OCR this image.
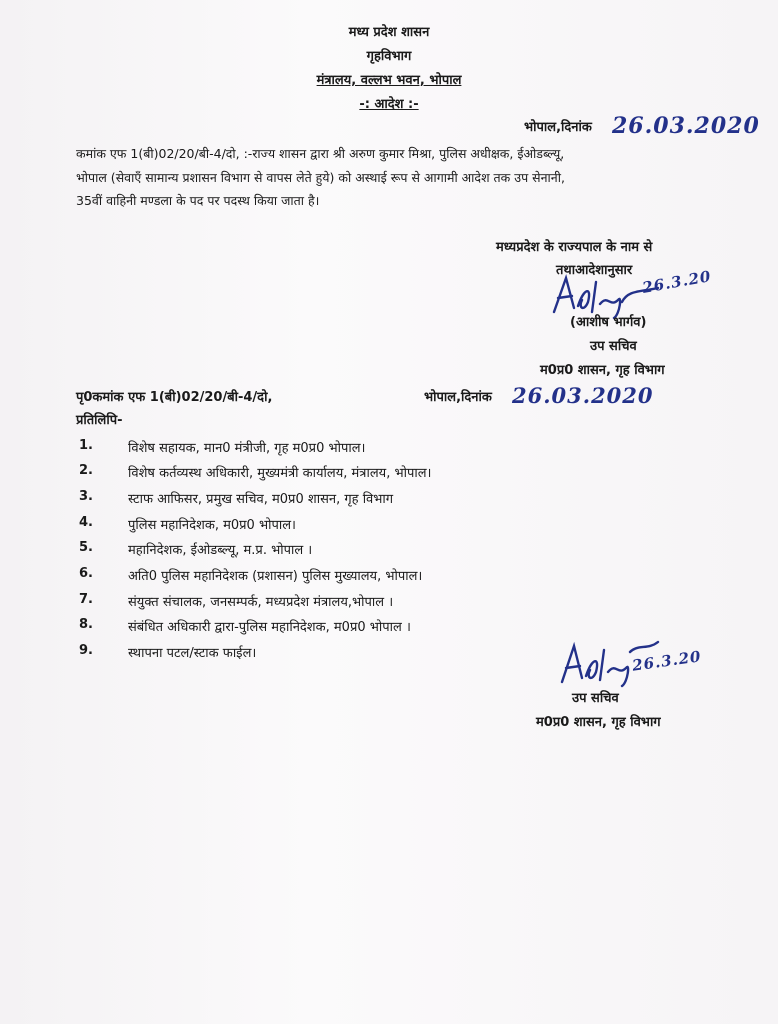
मध्य प्रदेश शासन
गृहविभाग
मंत्रालय, वल्लभ भवन, भोपाल
-: आदेश :-
भोपाल,दिनांक 26.03.2020
कमांक एफ 1(बी)02/20/बी-4/दो, :-राज्य शासन द्वारा श्री अरुण कुमार मिश्रा, पुलिस अधीक्षक, ईओडब्ल्यू,
भोपाल (सेवाएँ सामान्य प्रशासन विभाग से वापस लेते हुये) को अस्थाई रूप से आगामी आदेश तक उप सेनानी,
35वीं वाहिनी मण्डला के पद पर पदस्थ किया जाता है।
मध्यप्रदेश के राज्यपाल के नाम से
तथाआदेशानुसार 26.3.20
(आशीष भार्गव)
उप सचिव
म0प्र0 शासन, गृह विभाग
पृ0कमांक एफ 1(बी)02/20/बी-4/दो,	भोपाल,दिनांक 26.03.2020
प्रतिलिपि-
1.	विशेष सहायक, मान0 मंत्रीजी, गृह म0प्र0 भोपाल।
2.	विशेष कर्तव्यस्थ अधिकारी, मुख्यमंत्री कार्यालय, मंत्रालय, भोपाल।
3.	स्टाफ आफिसर, प्रमुख सचिव, म0प्र0 शासन, गृह विभाग
4.	पुलिस महानिदेशक, म0प्र0 भोपाल।
5.	महानिदेशक, ईओडब्ल्यू, म.प्र. भोपाल ।
6.	अति0 पुलिस महानिदेशक (प्रशासन) पुलिस मुख्यालय, भोपाल।
7.	संयुक्त संचालक, जनसम्पर्क, मध्यप्रदेश मंत्रालय,भोपाल ।
8.	संबंधित अधिकारी द्वारा-पुलिस महानिदेशक, म0प्र0 भोपाल ।
9.	स्थापना पटल/स्टाक फाईल।	26.3.20
उप सचिव
म0प्र0 शासन, गृह विभाग
